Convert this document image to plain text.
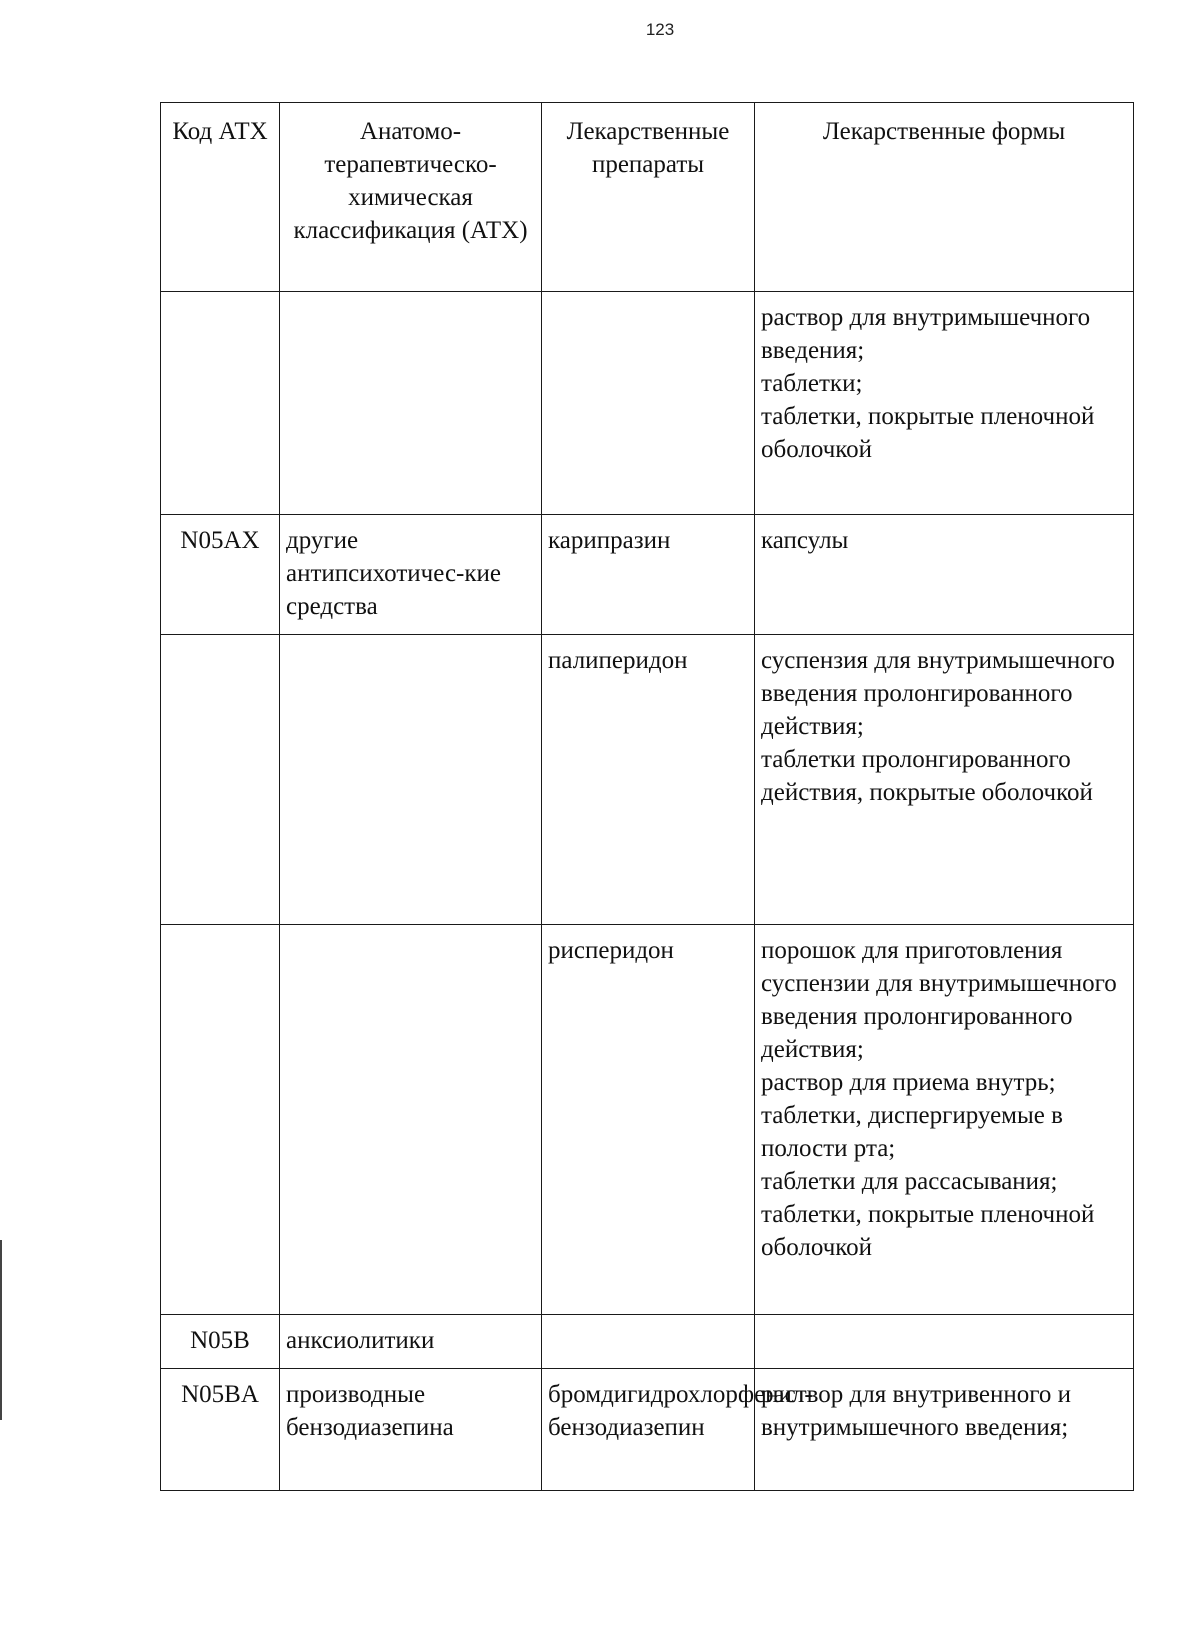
123
Код АТХ	Анатомо-терапевтическо-химическая классификация (АТХ)	Лекарственные препараты	Лекарственные формы

			раствор для внутримышечного введения;
таблетки;
таблетки, покрытые пленочной оболочкой

N05AX	другие антипсихотичес-кие средства	карипразин	капсулы

		палиперидон	суспензия для внутримышечного введения пролонгированного действия;
таблетки пролонгированного действия, покрытые оболочкой

		рисперидон	порошок для приготовления суспензии для внутримышечного введения пролонгированного действия;
раствор для приема внутрь;
таблетки, диспергируемые в полости рта;
таблетки для рассасывания;
таблетки, покрытые пленочной оболочкой

N05B	анксиолитики		

N05BA	производные бензодиазепина	бромдигидрохлорфенил-бензодиазепин	раствор для внутривенного и внутримышечного введения;
